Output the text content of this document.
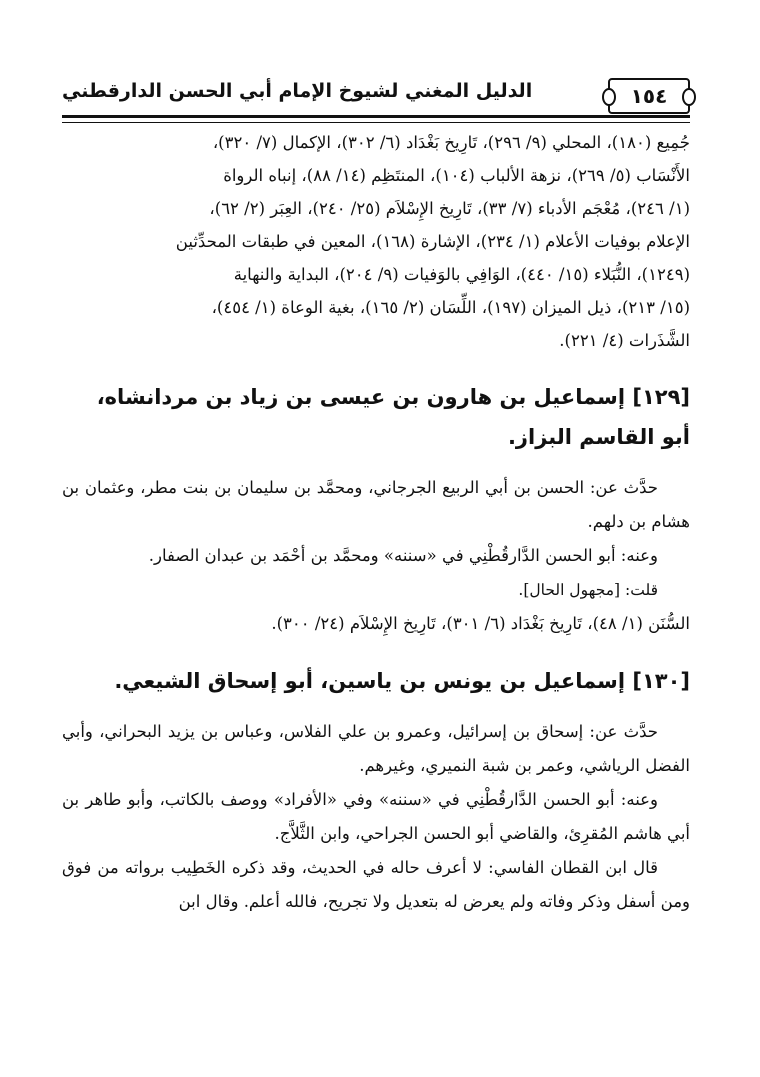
١٥٤
الدليل المغني لشيوخ الإمام أبي الحسن الدارقطني

جُمِيع (١٨٠)، المحلي (٩/ ٢٩٦)، تَارِيخ بَغْدَاد (٦/ ٣٠٢)، الإكمال (٧/ ٣٢٠)،

الأَنْسَاب (٥/ ٢٦٩)، نزهة الألباب (١٠٤)، المنتَظِم (١٤/ ٨٨)، إنباه الرواة

(١/ ٢٤٦)، مُعْجَم الأدباء (٧/ ٣٣)، تَارِيخ الإِسْلاَم (٢٥/ ٢٤٠)، العِبَر (٢/ ٦٢)،

الإعلام بوفيات الأعلام (١/ ٢٣٤)، الإشارة (١٦٨)، المعين في طبقات المحدِّثين

(١٢٤٩)، النُّبَلاء (١٥/ ٤٤٠)، الوَافِي بالوَفيات (٩/ ٢٠٤)، البداية والنهاية

(١٥/ ٢١٣)، ذيل الميزان (١٩٧)، اللِّسَان (٢/ ١٦٥)، بغية الوعاة (١/ ٤٥٤)،

الشَّذَرات (٤/ ٢٢١).

[١٢٩] إسماعيل بن هارون بن عيسى بن زياد بن مردانشاه، أبو القاسم البزاز.

حدَّث عن: الحسن بن أبي الربيع الجرجاني، ومحمَّد بن سليمان بن بنت مطر، وعثمان بن هشام بن دلهم.

وعنه: أبو الحسن الدَّارقُطْنِي في «سننه» ومحمَّد بن أحْمَد بن عبدان الصفار.

قلت: [مجهول الحال].

السُّنَن (١/ ٤٨)، تَارِيخ بَغْدَاد (٦/ ٣٠١)، تَارِيخ الإِسْلاَم (٢٤/ ٣٠٠).

[١٣٠] إسماعيل بن يونس بن ياسين، أبو إسحاق الشيعي.

حدَّث عن: إسحاق بن إسرائيل، وعمرو بن علي الفلاس، وعباس بن يزيد البحراني، وأبي الفضل الرياشي، وعمر بن شبة النميري، وغيرهم.

وعنه: أبو الحسن الدَّارقُطْنِي في «سننه» وفي «الأفراد» ووصف بالكاتب، وأبو طاهر بن أبي هاشم المُقرِئ، والقاضي أبو الحسن الجراحي، وابن الثَّلاَّج.

قال ابن القطان الفاسي: لا أعرف حاله في الحديث، وقد ذكره الخَطِيب برواته من فوق ومن أسفل وذكر وفاته ولم يعرض له بتعديل ولا تجريح، فالله أعلم. وقال ابن
